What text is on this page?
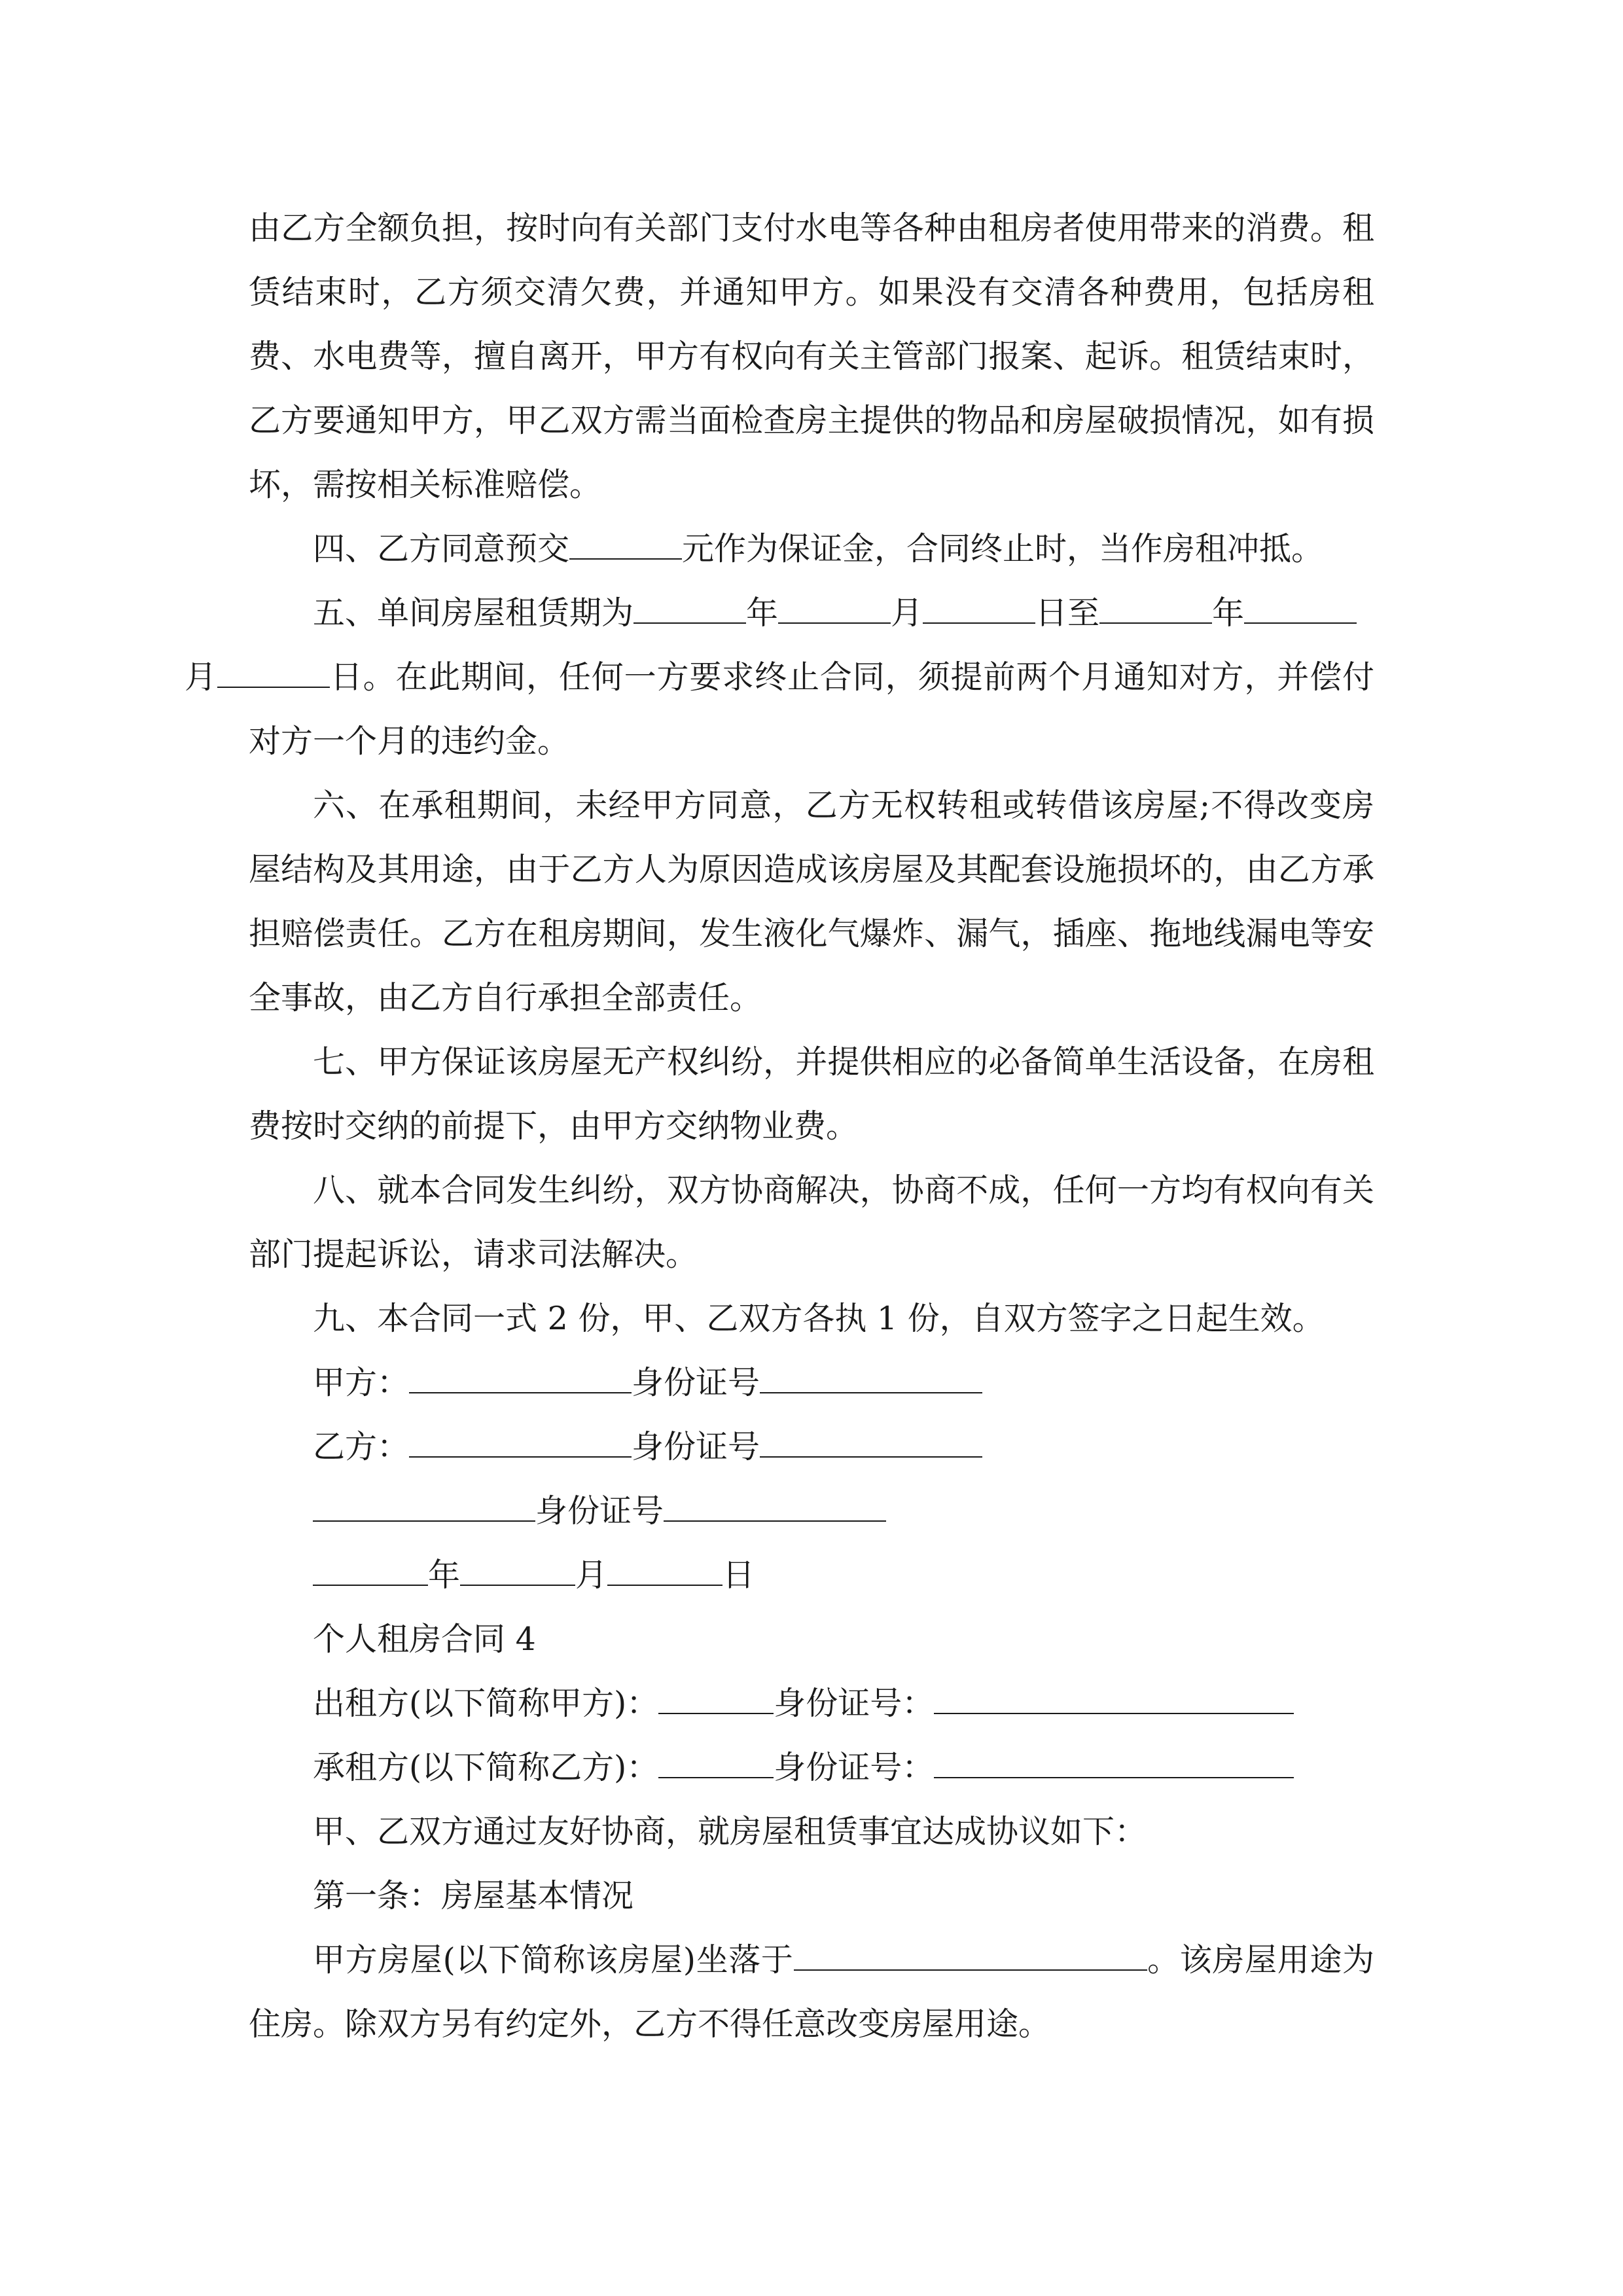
由乙方全额负担，按时向有关部门支付水电等各种由租房者使用带来的消费。租赁结束时，乙方须交清欠费，并通知甲方。如果没有交清各种费用，包括房租费、水电费等，擅自离开，甲方有权向有关主管部门报案、起诉。租赁结束时，乙方要通知甲方，甲乙双方需当面检查房主提供的物品和房屋破损情况，如有损坏，需按相关标准赔偿。

四、乙方同意预交	元作为保证金，合同终止时，当作房租冲抵。

五、单间房屋租赁期为	年	月	日至	年
月	日。在此期间，任何一方要求终止合同，须提前两个月通知对方，并偿付对方一个月的违约金。

六、在承租期间，未经甲方同意，乙方无权转租或转借该房屋;不得改变房屋结构及其用途，由于乙方人为原因造成该房屋及其配套设施损坏的，由乙方承担赔偿责任。乙方在租房期间，发生液化气爆炸、漏气，插座、拖地线漏电等安全事故，由乙方自行承担全部责任。

七、甲方保证该房屋无产权纠纷，并提供相应的必备简单生活设备，在房租费按时交纳的前提下，由甲方交纳物业费。

八、就本合同发生纠纷，双方协商解决，协商不成，任何一方均有权向有关部门提起诉讼，请求司法解决。

九、本合同一式 2 份，甲、乙双方各执 1 份，自双方签字之日起生效。

甲方：	身份证号

乙方：	身份证号

身份证号

年	月	日

个人租房合同 4

出租方(以下简称甲方)：	身份证号：

承租方(以下简称乙方)：	身份证号：

甲、乙双方通过友好协商，就房屋租赁事宜达成协议如下：

第一条：房屋基本情况

甲方房屋(以下简称该房屋)坐落于	。该房屋用途为住房。除双方另有约定外，乙方不得任意改变房屋用途。
